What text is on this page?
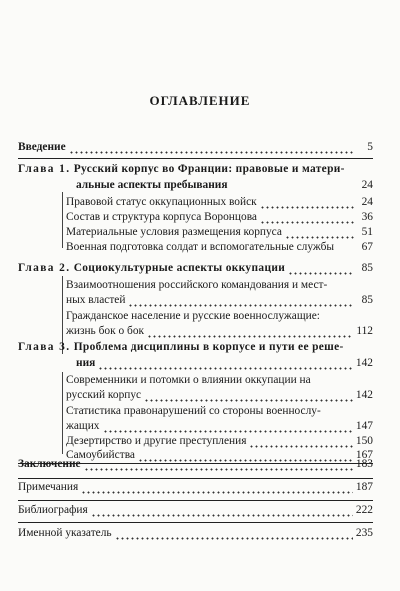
ОГЛАВЛЕНИЕ
Введение	5
Глава 1. Русский корпус во Франции: правовые и матери-
альные аспекты пребывания	24
Правовой статус оккупационных войск	24
Состав и структура корпуса Воронцова	36
Материальные условия размещения корпуса	51
Военная подготовка солдат и вспомогательные службы	67
Глава 2. Социокультурные аспекты оккупации	85
Взаимоотношения российского командования и мест-
ных властей	85
Гражданское население и русские военнослужащие:
жизнь бок о бок	112
Глава 3. Проблема дисциплины в корпусе и пути ее реше-
ния	142
Современники и потомки о влиянии оккупации на
русский корпус	142
Статистика правонарушений со стороны военнослу-
жащих	147
Дезертирство и другие преступления	150
Самоубийства	167
Заключение	183
Примечания	187
Библиография	222
Именной указатель	235
